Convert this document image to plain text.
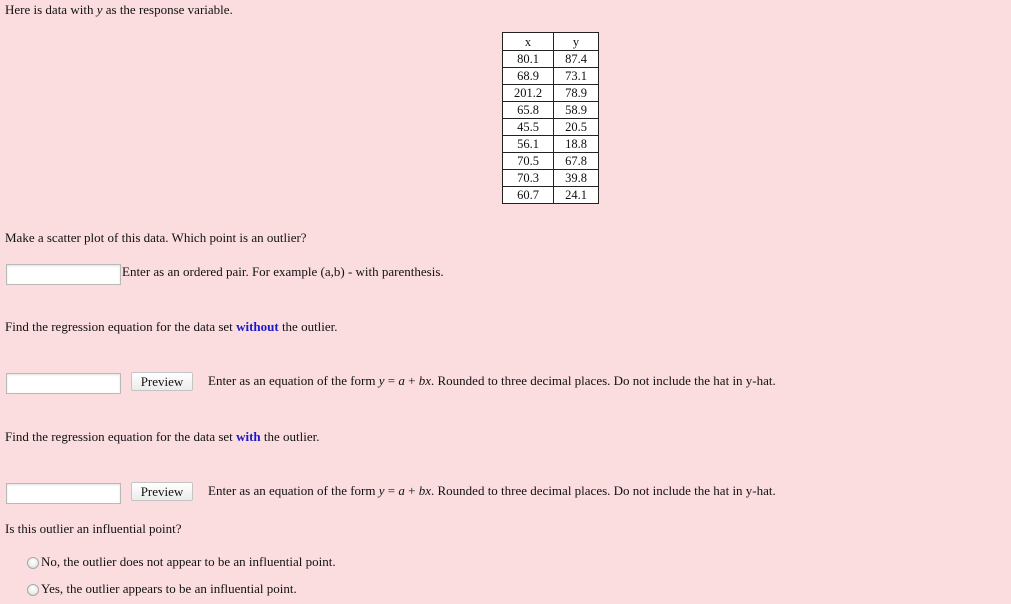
Here is data with y as the response variable.
x	y
80.1	87.4
68.9	73.1
201.2	78.9
65.8	58.9
45.5	20.5
56.1	18.8
70.5	67.8
70.3	39.8
60.7	24.1
Make a scatter plot of this data. Which point is an outlier?
Enter as an ordered pair. For example (a,b) - with parenthesis.
Find the regression equation for the data set without the outlier.
Preview	Enter as an equation of the form y = a + bx. Rounded to three decimal places. Do not include the hat in y-hat.
Find the regression equation for the data set with the outlier.
Preview	Enter as an equation of the form y = a + bx. Rounded to three decimal places. Do not include the hat in y-hat.
Is this outlier an influential point?
No, the outlier does not appear to be an influential point.
Yes, the outlier appears to be an influential point.
